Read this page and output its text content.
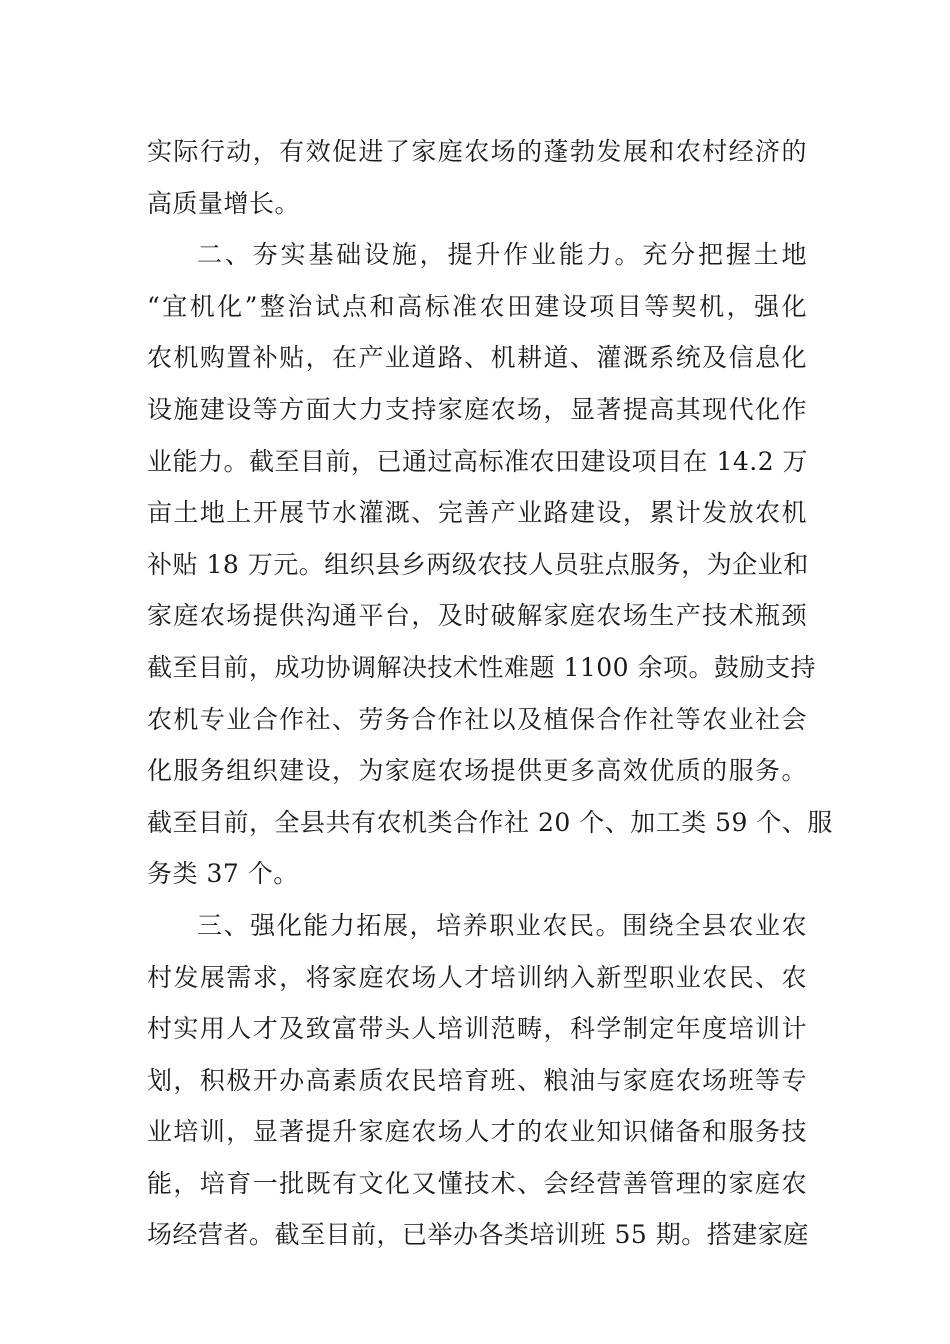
实际行动，有效促进了家庭农场的蓬勃发展和农村经济的
高质量增长。
二、夯实基础设施，提升作业能力。充分把握土地
“宜机化”整治试点和高标准农田建设项目等契机，强化
农机购置补贴，在产业道路、机耕道、灌溉系统及信息化
设施建设等方面大力支持家庭农场，显著提高其现代化作
业能力。截至目前，已通过高标准农田建设项目在 14.2 万
亩土地上开展节水灌溉、完善产业路建设，累计发放农机
补贴 18 万元。组织县乡两级农技人员驻点服务，为企业和
家庭农场提供沟通平台，及时破解家庭农场生产技术瓶颈
截至目前，成功协调解决技术性难题 1100 余项。鼓励支持
农机专业合作社、劳务合作社以及植保合作社等农业社会
化服务组织建设，为家庭农场提供更多高效优质的服务。
截至目前，全县共有农机类合作社 20 个、加工类 59 个、服
务类 37 个。
三、强化能力拓展，培养职业农民。围绕全县农业农
村发展需求，将家庭农场人才培训纳入新型职业农民、农
村实用人才及致富带头人培训范畴，科学制定年度培训计
划，积极开办高素质农民培育班、粮油与家庭农场班等专
业培训，显著提升家庭农场人才的农业知识储备和服务技
能，培育一批既有文化又懂技术、会经营善管理的家庭农
场经营者。截至目前，已举办各类培训班 55 期。搭建家庭
